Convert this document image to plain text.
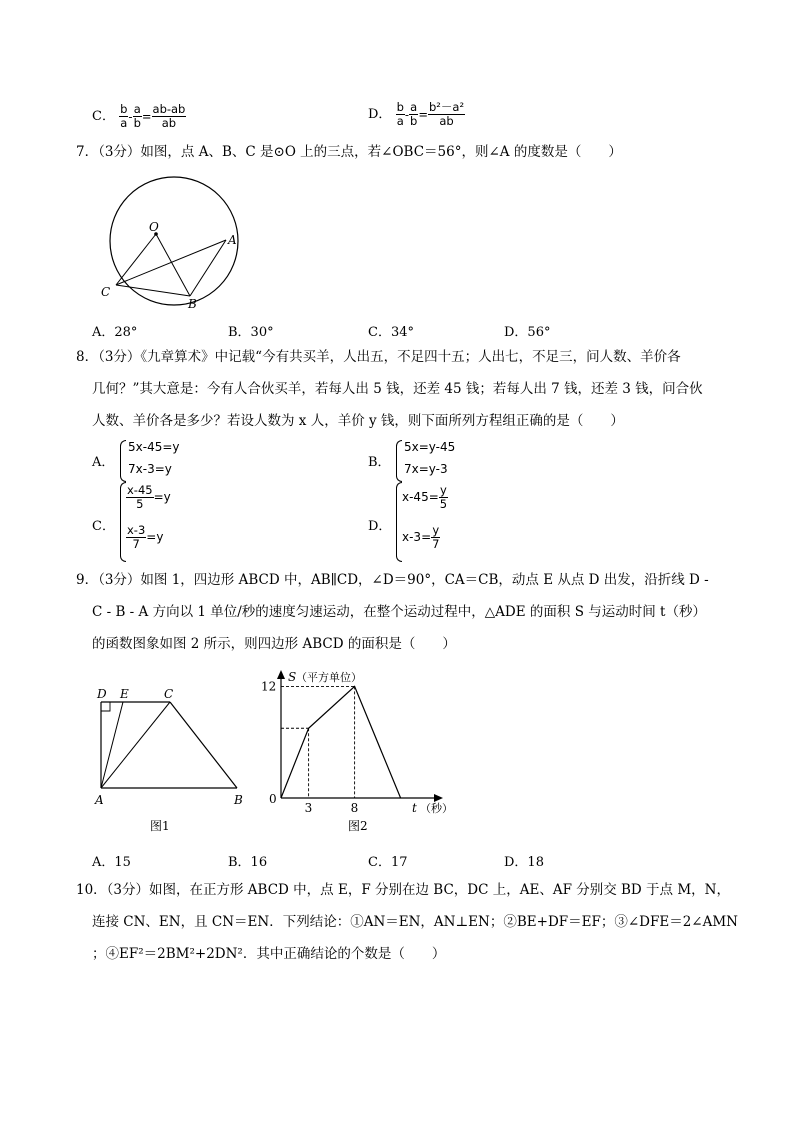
C． $\frac{b}{a} - \frac{a}{b} = \frac{ab-ab}{ab}$	D． $\frac{b}{a} - \frac{a}{b} = \frac{\text{b²－a²}}{ab}$
7．（3分）如图，点 A、B、C 是⊙O 上的三点，若∠OBC＝56°，则∠A 的度数是（　　）
O
A
B
C
A．28°	B．30°	C．34°	D．56°
8．（3分）《九章算术》中记载“今有共买羊，人出五，不足四十五；人出七，不足三，问人数、羊价各
几何？”其大意是：今有人合伙买羊，若每人出 5 钱，还差 45 钱；若每人出 7 钱，还差 3 钱，问合伙
人数、羊价各是多少？若设人数为 x 人，羊价 y 钱，则下面所列方程组正确的是（　　）
A．
5x-45=y
7x-3=y	B．
5x=y-45
7x=y-3
C．
$\frac{x-45}{5} =y$
$\frac{x-3}{7} =y$
D．
$x-45= \frac{y}{5}$
$x-3= \frac{y}{7}$
9．（3分）如图 1，四边形 ABCD 中，AB∥CD，∠D＝90°，CA＝CB，动点 E 从点 D 出发，沿折线 D -
C - B - A 方向以 1 单位/秒的速度匀速运动，在整个运动过程中，△ADE 的面积 S 与运动时间 t（秒）
的函数图象如图 2 所示，则四边形 ABCD 的面积是（　　）
D E	C
A	B
图1
S （平方单位）
12
0
3	8	t （秒）
图2
A．15	B．16	C．17	D．18
10．（3分）如图，在正方形 ABCD 中，点 E，F 分别在边 BC，DC 上，AE、AF 分别交 BD 于点 M，N，
连接 CN、EN，且 CN＝EN．下列结论：①AN＝EN，AN⊥EN；②BE+DF＝EF；③∠DFE＝2∠AMN
；④EF²＝2BM²+2DN²．其中正确结论的个数是（　　）
